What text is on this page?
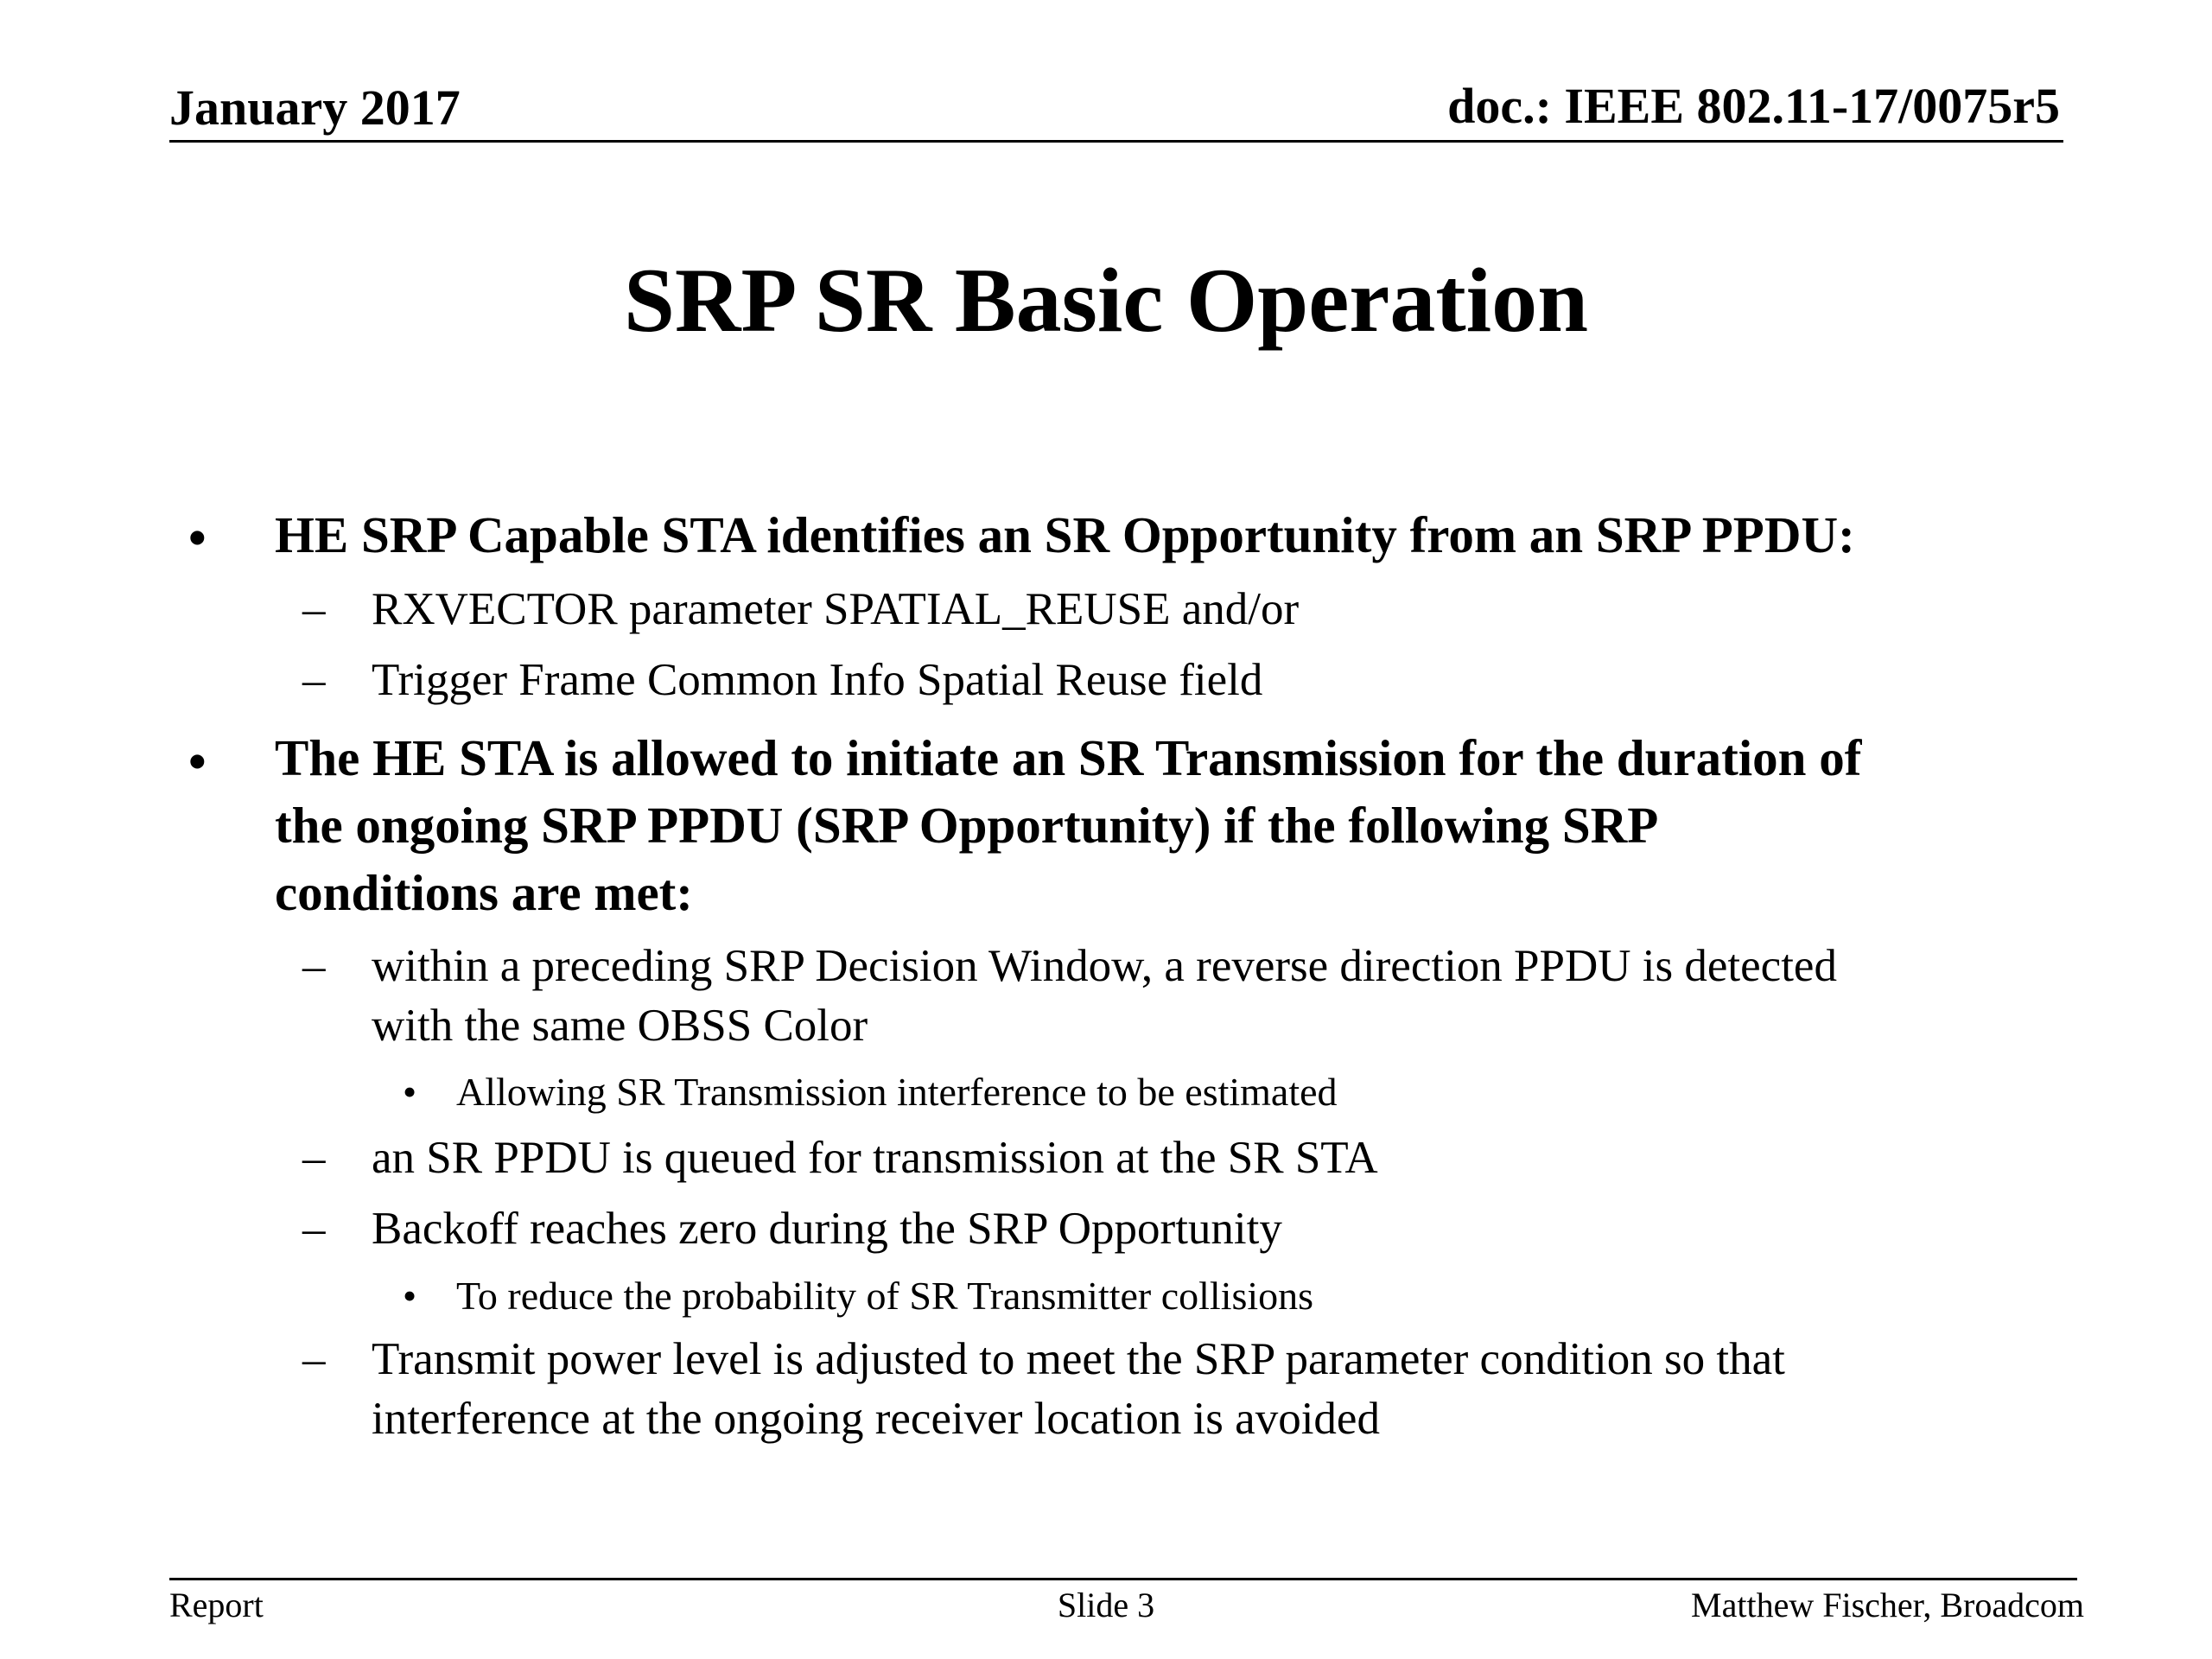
January 2017	doc.: IEEE 802.11-17/0075r5
SRP SR Basic Operation
• HE SRP Capable STA identifies an SR Opportunity from an SRP PPDU:
– RXVECTOR parameter SPATIAL_REUSE and/or
– Trigger Frame Common Info Spatial Reuse field
• The HE STA is allowed to initiate an SR Transmission for the duration of
the ongoing SRP PPDU (SRP Opportunity) if the following SRP
conditions are met:
– within a preceding SRP Decision Window, a reverse direction PPDU is detected
with the same OBSS Color
• Allowing SR Transmission interference to be estimated
– an SR PPDU is queued for transmission at the SR STA
– Backoff reaches zero during the SRP Opportunity
• To reduce the probability of SR Transmitter collisions
– Transmit power level is adjusted to meet the SRP parameter condition so that
interference at the ongoing receiver location is avoided
Report	Slide 3	Matthew Fischer, Broadcom
